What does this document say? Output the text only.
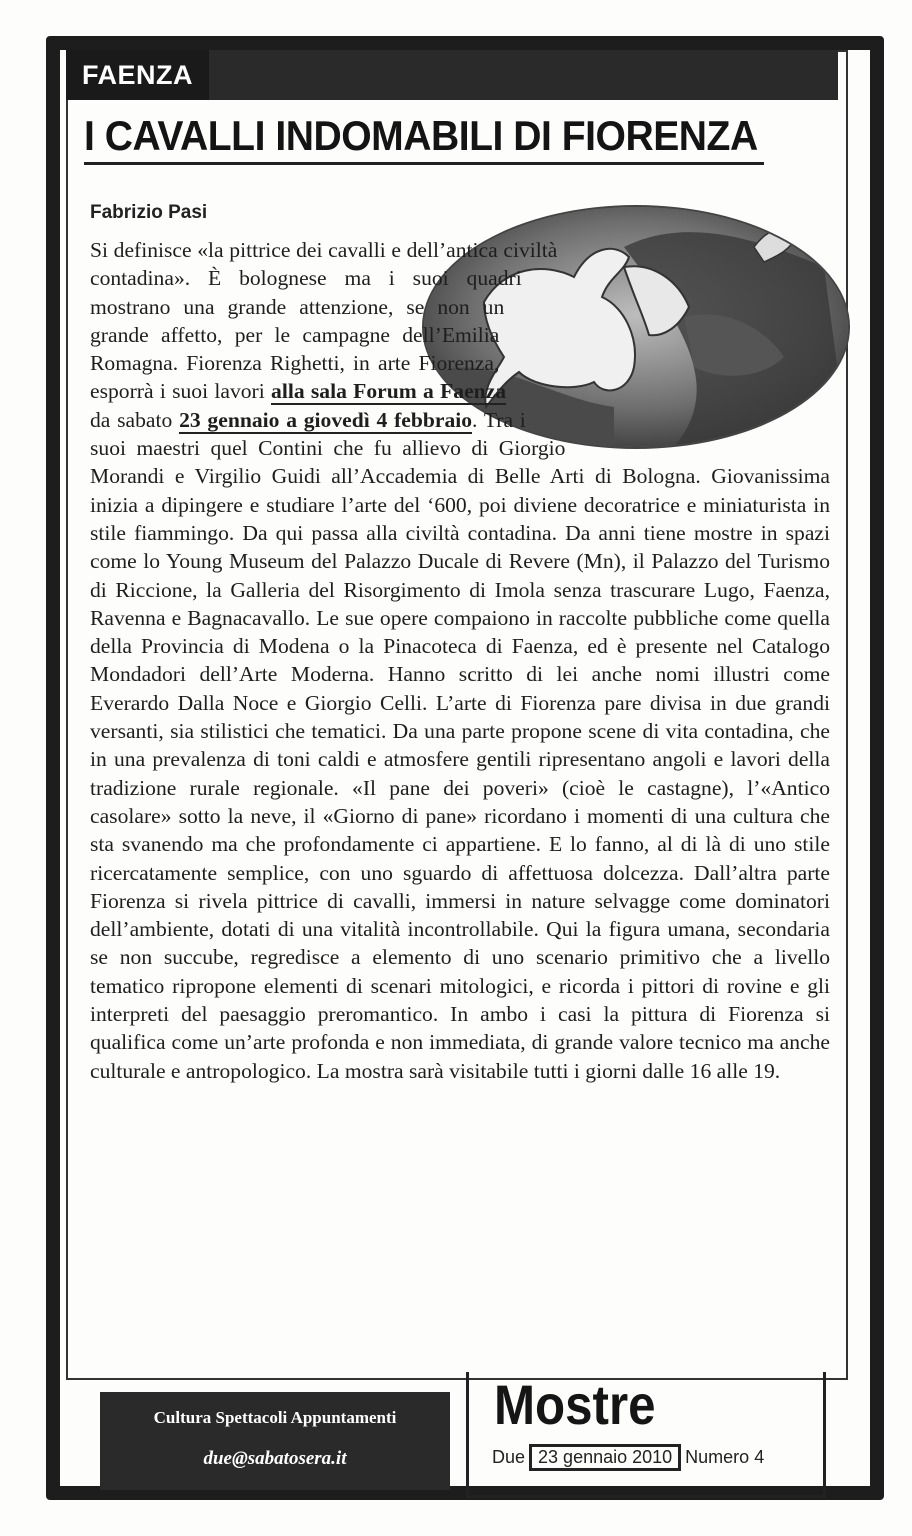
FAENZA
I CAVALLI INDOMABILI DI FIORENZA

Fabrizio Pasi

Si definisce «la pittrice dei cavalli e dell’antica civiltà contadina». È bolognese ma i suoi quadri mostrano una grande attenzione, se non un grande affetto, per le campagne dell’Emilia Romagna. Fiorenza Righetti, in arte Fiorenza, esporrà i suoi lavori alla sala Forum a Faenza da sabato 23 gennaio a giovedì 4 febbraio. Tra i suoi maestri quel Contini che fu allievo di Giorgio Morandi e Virgilio Guidi all’Accademia di Belle Arti di Bologna. Giovanissima inizia a dipingere e studiare l’arte del ‘600, poi diviene decoratrice e miniaturista in stile fiammingo. Da qui passa alla civiltà contadina. Da anni tiene mostre in spazi come lo Young Museum del Palazzo Ducale di Revere (Mn), il Palazzo del Turismo di Riccione, la Galleria del Risorgimento di Imola senza trascurare Lugo, Faenza, Ravenna e Bagnacavallo. Le sue opere compaiono in raccolte pubbliche come quella della Provincia di Modena o la Pinacoteca di Faenza, ed è presente nel Catalogo Mondadori dell’Arte Moderna. Hanno scritto di lei anche nomi illustri come Everardo Dalla Noce e Giorgio Celli. L’arte di Fiorenza pare divisa in due grandi versanti, sia stilistici che tematici. Da una parte propone scene di vita contadina, che in una prevalenza di toni caldi e atmosfere gentili ripresentano angoli e lavori della tradizione rurale regionale. «Il pane dei poveri» (cioè le castagne), l’«Antico casolare» sotto la neve, il «Giorno di pane» ricordano i momenti di una cultura che sta svanendo ma che profondamente ci appartiene. E lo fanno, al di là di uno stile ricercatamente semplice, con uno sguardo di affettuosa dolcezza. Dall’altra parte Fiorenza si rivela pittrice di cavalli, immersi in nature selvagge come dominatori dell’ambiente, dotati di una vitalità incontrollabile. Qui la figura umana, secondaria se non succube, regredisce a elemento di uno scenario primitivo che a livello tematico ripropone elementi di scenari mitologici, e ricorda i pittori di rovine e gli interpreti del paesaggio preromantico. In ambo i casi la pittura di Fiorenza si qualifica come un’arte profonda e non immediata, di grande valore tecnico ma anche culturale e antropologico. La mostra sarà visitabile tutti i giorni dalle 16 alle 19.

Cultura Spettacoli Appuntamenti
due@sabatosera.it
Mostre
Due 23 gennaio 2010 Numero 4
